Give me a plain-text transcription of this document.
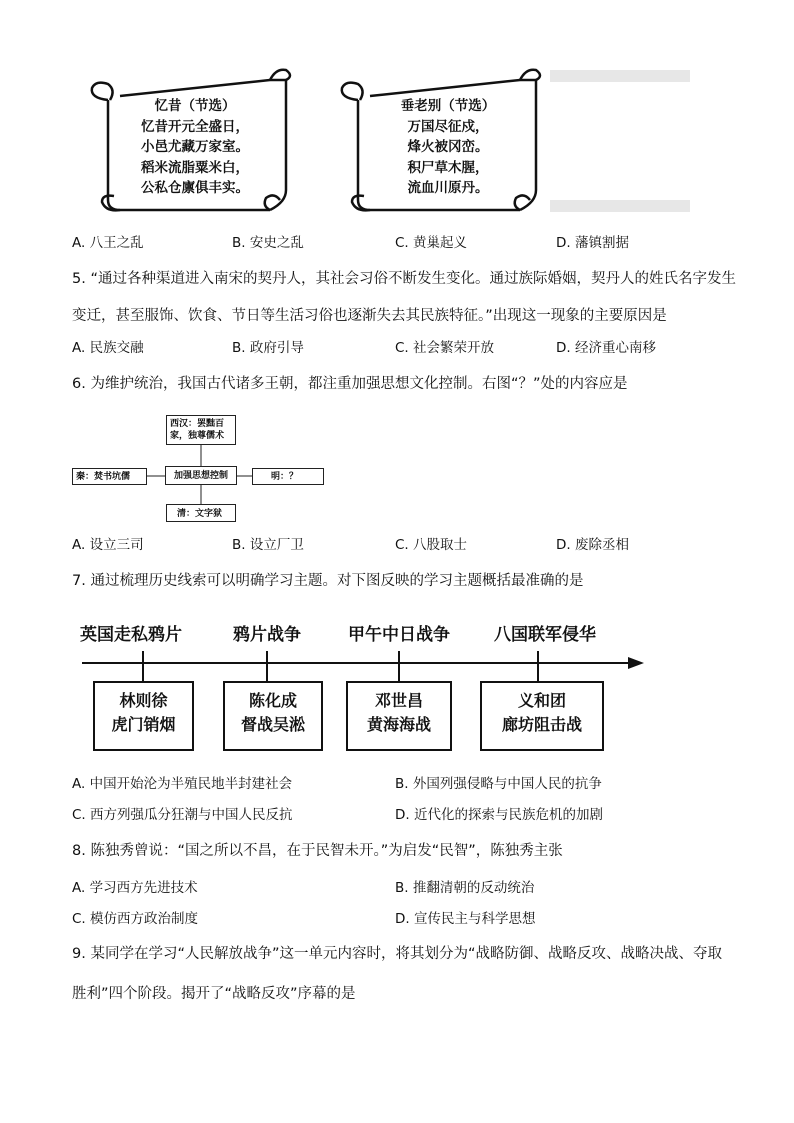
忆昔（节选）
忆昔开元全盛日，
小邑尤藏万家室。
稻米流脂粟米白，
公私仓廪俱丰实。
垂老别（节选）
万国尽征戍，
烽火被冈峦。
积尸草木腥，
流血川原丹。
A. 八王之乱	B. 安史之乱	C. 黄巢起义	D. 藩镇割据
5. “通过各种渠道进入南宋的契丹人，其社会习俗不断发生变化。通过族际婚姻，契丹人的姓氏名字发生
变迁，甚至服饰、饮食、节日等生活习俗也逐渐失去其民族特征。”出现这一现象的主要原因是
A. 民族交融	B. 政府引导	C. 社会繁荣开放	D. 经济重心南移
6. 为维护统治，我国古代诸多王朝，都注重加强思想文化控制。右图“？”处的内容应是
西汉：罢黜百家，独尊儒术
秦：焚书坑儒	加强思想控制	明：？
清：文字狱
A. 设立三司	B. 设立厂卫	C. 八股取士	D. 废除丞相
7. 通过梳理历史线索可以明确学习主题。对下图反映的学习主题概括最准确的是
英国走私鸦片	鸦片战争	甲午中日战争	八国联军侵华
林则徐
虎门销烟
陈化成
督战吴淞
邓世昌
黄海海战
义和团
廊坊阻击战
A. 中国开始沦为半殖民地半封建社会	B. 外国列强侵略与中国人民的抗争
C. 西方列强瓜分狂潮与中国人民反抗	D. 近代化的探索与民族危机的加剧
8. 陈独秀曾说：“国之所以不昌，在于民智未开。”为启发“民智”，陈独秀主张
A. 学习西方先进技术	B. 推翻清朝的反动统治
C. 模仿西方政治制度	D. 宣传民主与科学思想
9. 某同学在学习“人民解放战争”这一单元内容时，将其划分为“战略防御、战略反攻、战略决战、夺取
胜利”四个阶段。揭开了“战略反攻”序幕的是
